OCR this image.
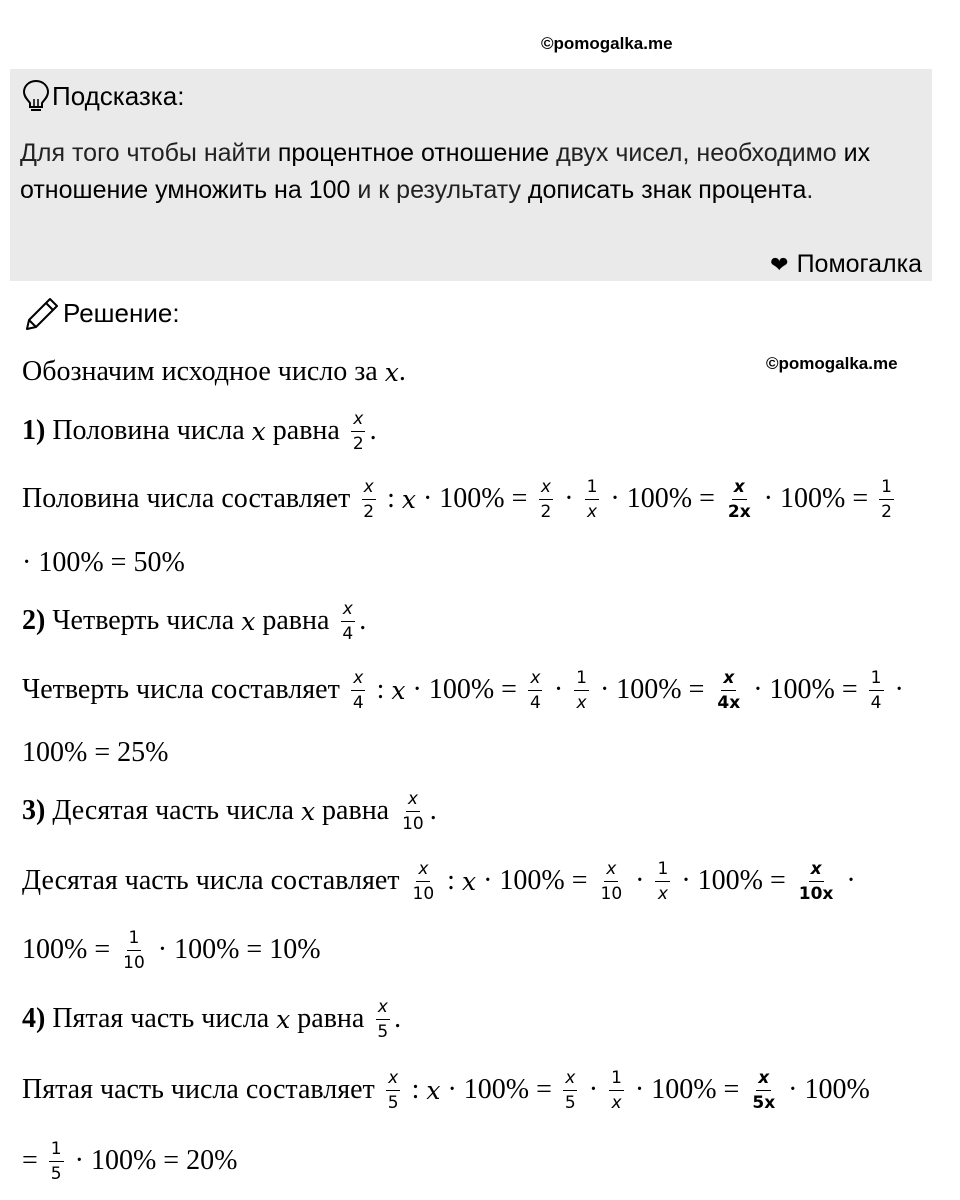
©pomogalka.me
Подсказка:
Для того чтобы найти процентное отношение двух чисел, необходимо их отношение умножить на 100 и к результату дописать знак процента.
❤ Помогалка
Решение:
©pomogalka.me
Обозначим исходное число за x .
1) Половина числа x равна $\frac{x}{2}$ .
Половина числа составляет $\frac{x}{2}$ : $x \cdot 100\% = \frac{x}{2} \cdot \frac{1}{x} \cdot 100\% = \frac{x}{2x} \cdot 100\% = \frac{1}{2}$
· 100% = 50%
2) Четверть числа x равна $\frac{x}{4}$ .
Четверть числа составляет $\frac{x}{4}$ : $x \cdot 100\% = \frac{x}{4} \cdot \frac{1}{x} \cdot 100\% = \frac{x}{4x} \cdot 100\% = \frac{1}{4}$ ·
100% = 25%
3) Десятая часть числа x равна $\frac{x}{10}$ .
Десятая часть числа составляет $\frac{x}{10}$ : $x \cdot 100\% = \frac{x}{10} \cdot \frac{1}{x} \cdot 100\% = \frac{x}{10x}$ ·
$100\% = \frac{1}{10} \cdot 100\% = 10\%$
4) Пятая часть числа x равна $\frac{x}{5}$ .
Пятая часть числа составляет $\frac{x}{5}$ : $x \cdot 100\% = \frac{x}{5} \cdot \frac{1}{x} \cdot 100\% = \frac{x}{5x} \cdot 100\%$
= $\frac{1}{5} \cdot 100\% = 20\%$
